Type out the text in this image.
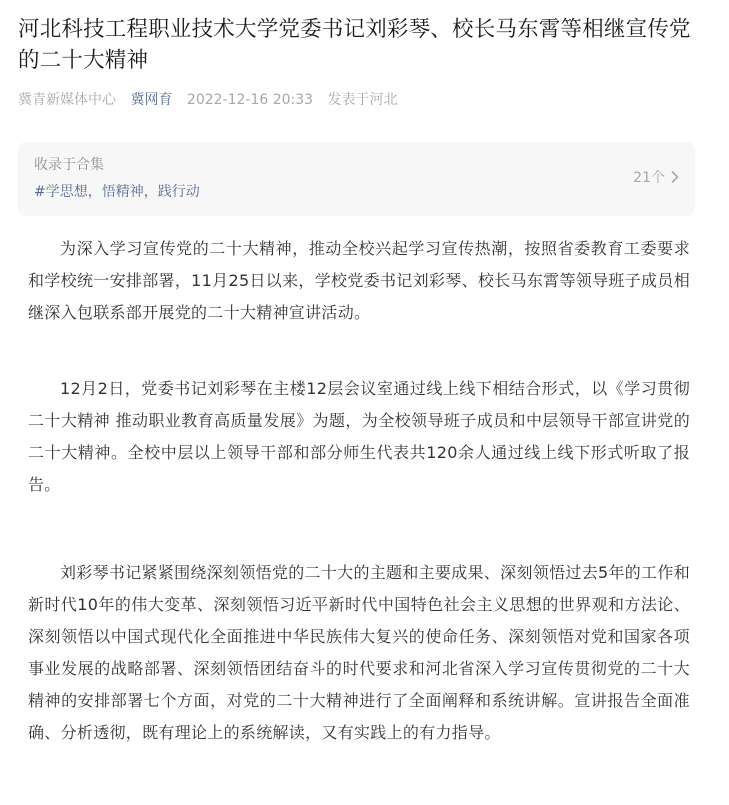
河北科技工程职业技术大学党委书记刘彩琴、校长马东霄等相继宣传党的二十大精神
冀青新媒体中心 冀网育 2022-12-16 20:33 发表于河北
收录于合集
#学思想，悟精神，践行动
21个

为深入学习宣传党的二十大精神，推动全校兴起学习宣传热潮，按照省委教育工委要求和学校统一安排部署，11月25日以来，学校党委书记刘彩琴、校长马东霄等领导班子成员相继深入包联系部开展党的二十大精神宣讲活动。

12月2日，党委书记刘彩琴在主楼12层会议室通过线上线下相结合形式，以《学习贯彻二十大精神 推动职业教育高质量发展》为题，为全校领导班子成员和中层领导干部宣讲党的二十大精神。全校中层以上领导干部和部分师生代表共120余人通过线上线下形式听取了报告。

刘彩琴书记紧紧围绕深刻领悟党的二十大的主题和主要成果、深刻领悟过去5年的工作和新时代10年的伟大变革、深刻领悟习近平新时代中国特色社会主义思想的世界观和方法论、深刻领悟以中国式现代化全面推进中华民族伟大复兴的使命任务、深刻领悟对党和国家各项事业发展的战略部署、深刻领悟团结奋斗的时代要求和河北省深入学习宣传贯彻党的二十大精神的安排部署七个方面，对党的二十大精神进行了全面阐释和系统讲解。宣讲报告全面准确、分析透彻，既有理论上的系统解读，又有实践上的有力指导。
